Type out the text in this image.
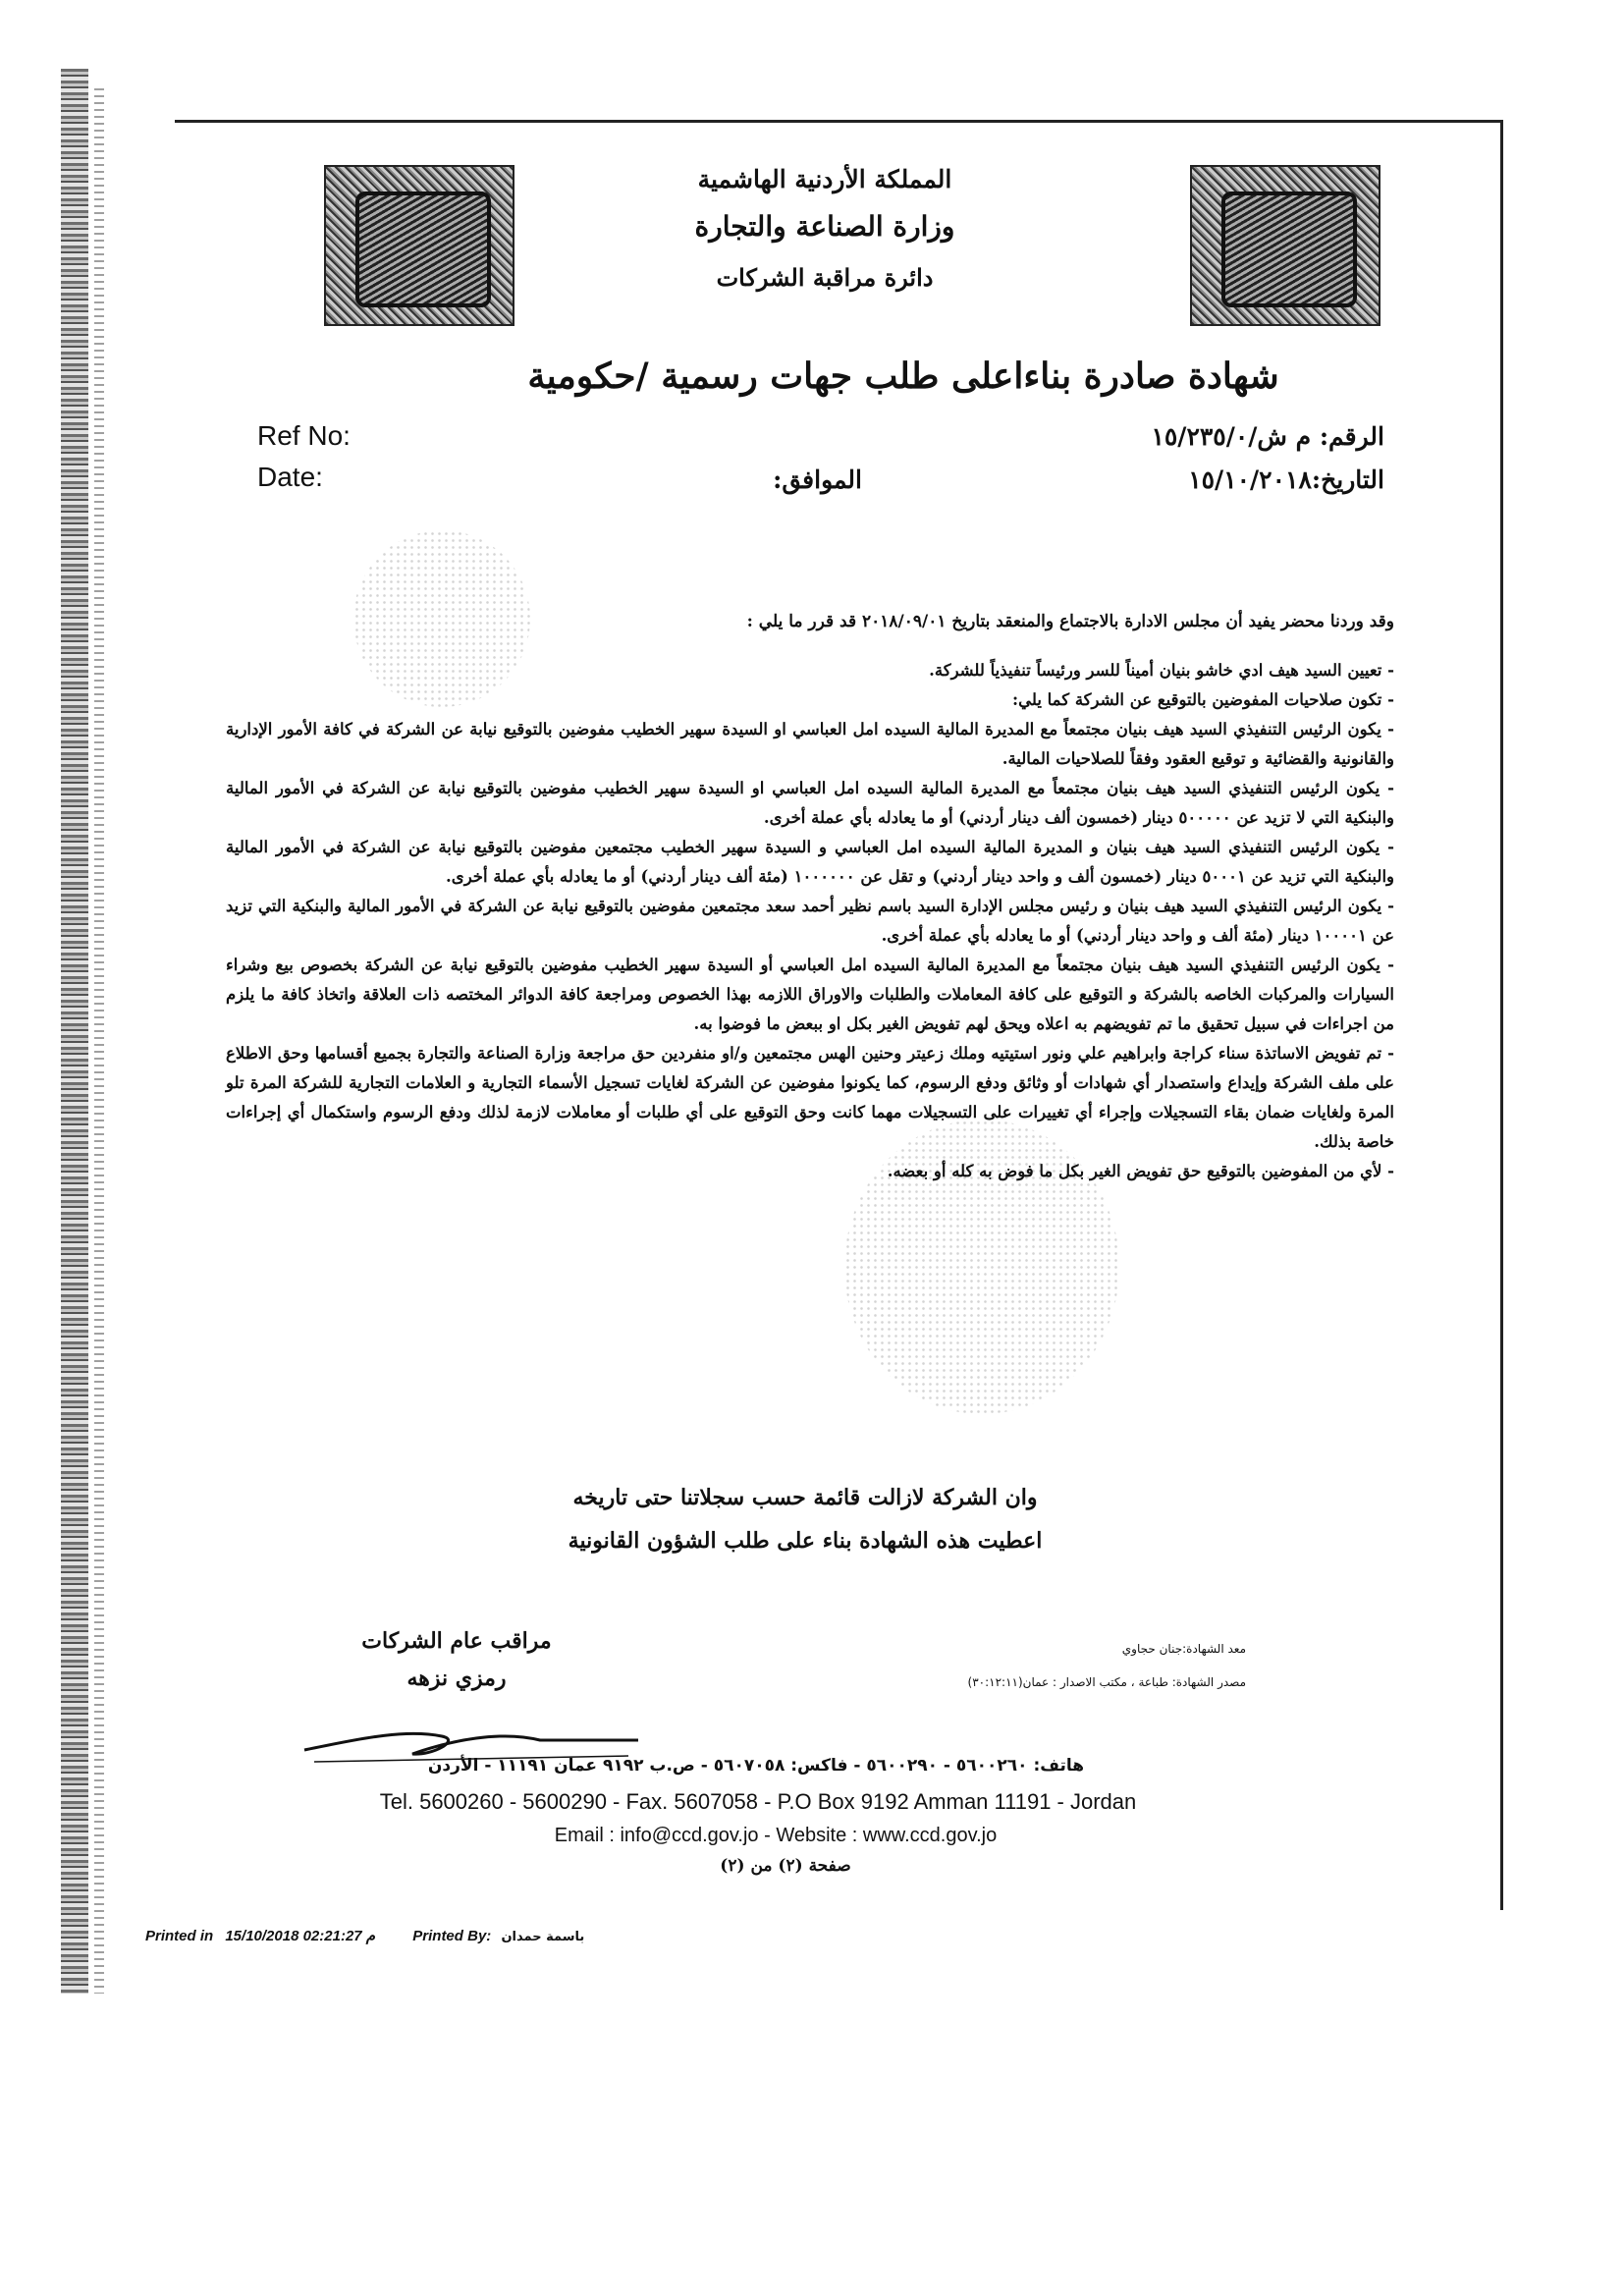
المملكة الأردنية الهاشمية
وزارة الصناعة والتجارة
دائرة مراقبة الشركات
شهادة صادرة بناءاعلى طلب جهات رسمية /حكومية
Ref No:
Date:
الرقم: م ش/١٥/٢٣٥/٠
التاريخ:١٥/١٠/٢٠١٨
الموافق:

وقد وردنا محضر يفيد أن مجلس الادارة بالاجتماع والمنعقد بتاريخ ٢٠١٨/٠٩/٠١ قد قرر ما يلي :

- تعيين السيد هيف ادي خاشو بنيان أميناً للسر ورئيساً تنفيذياً للشركة.

- تكون صلاحيات المفوضين بالتوقيع عن الشركة كما يلي:

- يكون الرئيس التنفيذي السيد هيف بنيان مجتمعاً مع المديرة المالية السيده امل العباسي او السيدة سهير الخطيب مفوضين بالتوقيع نيابة عن الشركة في كافة الأمور الإدارية والقانونية والقضائية و توقيع العقود وفقاً للصلاحيات المالية.

- يكون الرئيس التنفيذي السيد هيف بنيان مجتمعاً مع المديرة المالية السيده امل العباسي او السيدة سهير الخطيب مفوضين بالتوقيع نيابة عن الشركة في الأمور المالية والبنكية التي لا تزيد عن ٥٠٠٠٠٠ دينار (خمسون ألف دينار أردني) أو ما يعادله بأي عملة أخرى.

- يكون الرئيس التنفيذي السيد هيف بنيان و المديرة المالية السيده امل العباسي و السيدة سهير الخطيب مجتمعين مفوضين بالتوقيع نيابة عن الشركة في الأمور المالية والبنكية التي تزيد عن ٥٠٠٠١ دينار (خمسون ألف و واحد دينار أردني) و تقل عن ١٠٠٠٠٠٠ (مئة ألف دينار أردني) أو ما يعادله بأي عملة أخرى.

- يكون الرئيس التنفيذي السيد هيف بنيان و رئيس مجلس الإدارة السيد باسم نظير أحمد سعد مجتمعين مفوضين بالتوقيع نيابة عن الشركة في الأمور المالية والبنكية التي تزيد عن ١٠٠٠٠١ دينار (مئة ألف و واحد دينار أردني) أو ما يعادله بأي عملة أخرى.

- يكون الرئيس التنفيذي السيد هيف بنيان مجتمعاً مع المديرة المالية السيده امل العباسي أو السيدة سهير الخطيب مفوضين بالتوقيع نيابة عن الشركة بخصوص بيع وشراء السيارات والمركبات الخاصه بالشركة و التوقيع على كافة المعاملات والطلبات والاوراق اللازمه بهذا الخصوص ومراجعة كافة الدوائر المختصه ذات العلاقة واتخاذ كافة ما يلزم من اجراءات في سبيل تحقيق ما تم تفويضهم به اعلاه ويحق لهم تفويض الغير بكل او ببعض ما فوضوا به.

- تم تفويض الاساتذة سناء كراجة وابراهيم علي ونور استيتيه وملك زعيتر وحنين الهس مجتمعين و/او منفردين حق مراجعة وزارة الصناعة والتجارة بجميع أقسامها وحق الاطلاع على ملف الشركة وإيداع واستصدار أي شهادات أو وثائق ودفع الرسوم، كما يكونوا مفوضين عن الشركة لغايات تسجيل الأسماء التجارية و العلامات التجارية للشركة المرة تلو المرة ولغايات ضمان بقاء التسجيلات وإجراء أي تغييرات على التسجيلات مهما كانت وحق التوقيع على أي طلبات أو معاملات لازمة لذلك ودفع الرسوم واستكمال أي إجراءات خاصة بذلك.

- لأي من المفوضين بالتوقيع حق تفويض الغير بكل ما فوض به كله أو بعضه.

وان الشركة لازالت قائمة حسب سجلاتنا حتى تاريخه
اعطيت هذه الشهادة بناء على طلب الشؤون القانونية
مراقب عام الشركات
رمزي نزهه
معد الشهادة:جنان حجاوي
مصدر الشهادة: طباعة ، مكتب الاصدار : عمان(٣٠:١٢:١١)
هاتف: ٥٦٠٠٢٦٠ - ٥٦٠٠٢٩٠ - فاكس: ٥٦٠٧٠٥٨ - ص.ب ٩١٩٢ عمان ١١١٩١ - الأردن
Tel. 5600260 - 5600290 - Fax. 5607058 - P.O Box 9192 Amman 11191 - Jordan
Email : info@ccd.gov.jo - Website : www.ccd.gov.jo
صفحة (٢) من (٢)
Printed in 15/10/2018 02:21:27 م	Printed By: باسمة حمدان
